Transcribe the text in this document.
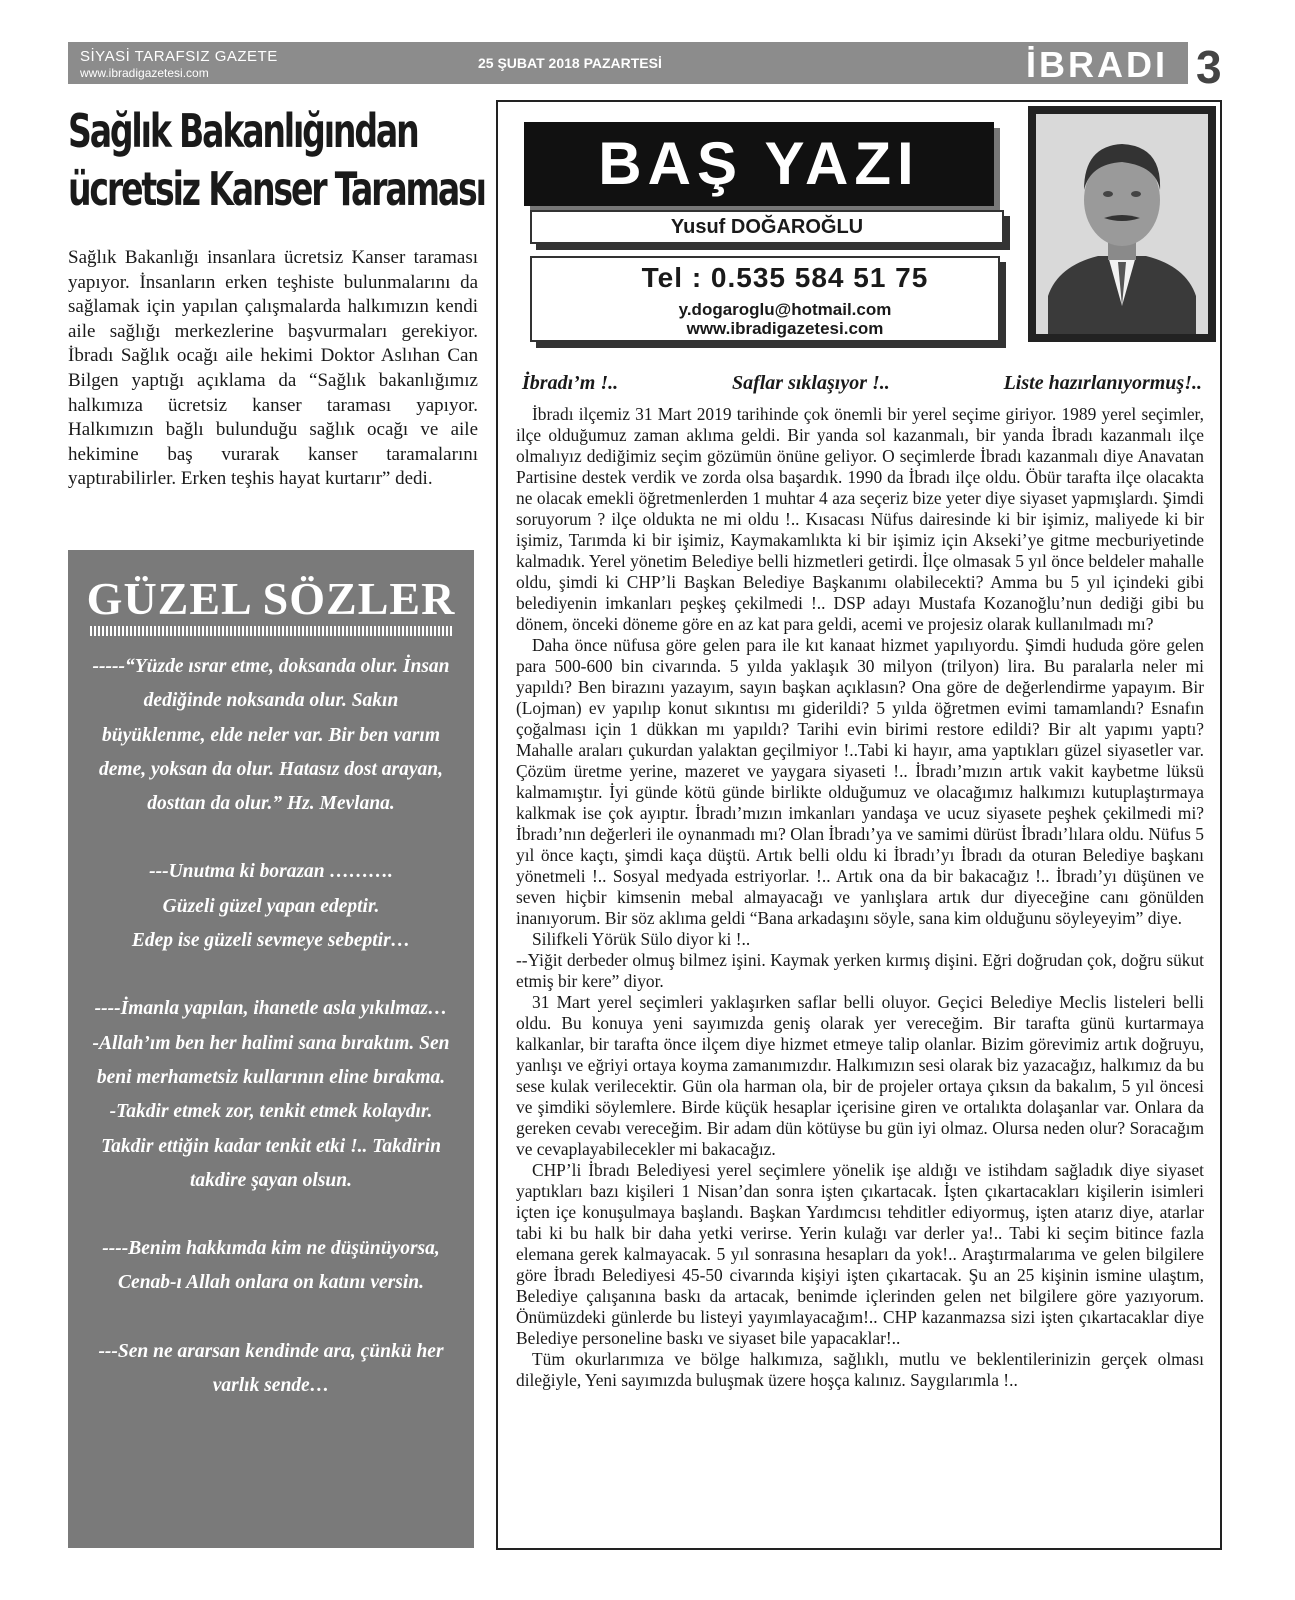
SİYASİ TARAFSIZ GAZETE
www.ibradigazetesi.com
25 ŞUBAT 2018 PAZARTESİ	İBRADI 3
Sağlık Bakanlığından
ücretsiz Kanser Taraması
Sağlık Bakanlığı insanlara ücretsiz Kanser taraması yapıyor. İnsanların erken teşhiste bulunmalarını da sağlamak için yapılan çalışmalarda halkımızın kendi aile sağlığı merkezlerine başvurmaları gerekiyor. İbradı Sağlık ocağı aile hekimi Doktor Aslıhan Can Bilgen yaptığı açıklama da “Sağlık bakanlığımız halkımıza ücretsiz kanser taraması yapıyor. Halkımızın bağlı bulunduğu sağlık ocağı ve aile hekimine baş vurarak kanser taramalarını yaptırabilirler. Erken teşhis hayat kurtarır” dedi.
GÜZEL SÖZLER

-----“Yüzde ısrar etme, doksanda olur. İnsan dediğinde noksanda olur. Sakın büyüklenme, elde neler var. Bir ben varım deme, yoksan da olur. Hatasız dost arayan, dosttan da olur.” Hz. Mevlana.

---Unutma ki borazan ……….

Güzeli güzel yapan edeptir.

Edep ise güzeli sevmeye sebeptir…

----İmanla yapılan, ihanetle asla yıkılmaz…

-Allah’ım ben her halimi sana bıraktım. Sen beni merhametsiz kullarının eline bırakma.

-Takdir etmek zor, tenkit etmek kolaydır. Takdir ettiğin kadar tenkit etki !.. Takdirin takdire şayan olsun.

----Benim hakkımda kim ne düşünüyorsa, Cenab-ı Allah onlara on katını versin.

---Sen ne ararsan kendinde ara, çünkü her varlık sende…

BAŞ YAZI
Yusuf DOĞAROĞLU
Tel : 0.535 584 51 75
y.dogaroglu@hotmail.com
www.ibradigazetesi.com
İbradı’m !..	Saflar sıklaşıyor !..	Liste hazırlanıyormuş!..

İbradı ilçemiz 31 Mart 2019 tarihinde çok önemli bir yerel seçime giriyor. 1989 yerel seçimler, ilçe olduğumuz zaman aklıma geldi. Bir yanda sol kazanmalı, bir yanda İbradı kazanmalı ilçe olmalıyız dediğimiz seçim gözümün önüne geliyor. O seçimlerde İbradı kazanmalı diye Anavatan Partisine destek verdik ve zorda olsa başardık. 1990 da İbradı ilçe oldu. Öbür tarafta ilçe olacakta ne olacak emekli öğretmenlerden 1 muhtar 4 aza seçeriz bize yeter diye siyaset yapmışlardı. Şimdi soruyorum ? ilçe oldukta ne mi oldu !.. Kısacası Nüfus dairesinde ki bir işimiz, maliyede ki bir işimiz, Tarımda ki bir işimiz, Kaymakamlıkta ki bir işimiz için Akseki’ye gitme mecburiyetinde kalmadık. Yerel yönetim Belediye belli hizmetleri getirdi. İlçe olmasak 5 yıl önce beldeler mahalle oldu, şimdi ki CHP’li Başkan Belediye Başkanımı olabilecekti? Amma bu 5 yıl içindeki gibi belediyenin imkanları peşkeş çekilmedi !.. DSP adayı Mustafa Kozanoğlu’nun dediği gibi bu dönem, önceki döneme göre en az kat para geldi, acemi ve projesiz olarak kullanılmadı mı?

Daha önce nüfusa göre gelen para ile kıt kanaat hizmet yapılıyordu. Şimdi hududa göre gelen para 500-600 bin civarında. 5 yılda yaklaşık 30 milyon (trilyon) lira. Bu paralarla neler mi yapıldı? Ben birazını yazayım, sayın başkan açıklasın? Ona göre de değerlendirme yapayım. Bir (Lojman) ev yapılıp konut sıkıntısı mı giderildi? 5 yılda öğretmen evimi tamamlandı? Esnafın çoğalması için 1 dükkan mı yapıldı? Tarihi evin birimi restore edildi? Bir alt yapımı yaptı? Mahalle araları çukurdan yalaktan geçilmiyor !..Tabi ki hayır, ama yaptıkları güzel siyasetler var. Çözüm üretme yerine, mazeret ve yaygara siyaseti !.. İbradı’mızın artık vakit kaybetme lüksü kalmamıştır. İyi günde kötü günde birlikte olduğumuz ve olacağımız halkımızı kutuplaştırmaya kalkmak ise çok ayıptır. İbradı’mızın imkanları yandaşa ve ucuz siyasete peşhek çekilmedi mi? İbradı’nın değerleri ile oynanmadı mı? Olan İbradı’ya ve samimi dürüst İbradı’lılara oldu. Nüfus 5 yıl önce kaçtı, şimdi kaça düştü. Artık belli oldu ki İbradı’yı İbradı da oturan Belediye başkanı yönetmeli !.. Sosyal medyada estriyorlar. !.. Artık ona da bir bakacağız !.. İbradı’yı düşünen ve seven hiçbir kimsenin mebal almayacağı ve yanlışlara artık dur diyeceğine canı gönülden inanıyorum. Bir söz aklıma geldi “Bana arkadaşını söyle, sana kim olduğunu söyleyeyim” diye.

Silifkeli Yörük Sülo diyor ki !..

--Yiğit derbeder olmuş bilmez işini. Kaymak yerken kırmış dişini. Eğri doğrudan çok, doğru sükut etmiş bir kere” diyor.

31 Mart yerel seçimleri yaklaşırken saflar belli oluyor. Geçici Belediye Meclis listeleri belli oldu. Bu konuya yeni sayımızda geniş olarak yer vereceğim. Bir tarafta günü kurtarmaya kalkanlar, bir tarafta önce ilçem diye hizmet etmeye talip olanlar. Bizim görevimiz artık doğruyu, yanlışı ve eğriyi ortaya koyma zamanımızdır. Halkımızın sesi olarak biz yazacağız, halkımız da bu sese kulak verilecektir. Gün ola harman ola, bir de projeler ortaya çıksın da bakalım, 5 yıl öncesi ve şimdiki söylemlere. Birde küçük hesaplar içerisine giren ve ortalıkta dolaşanlar var. Onlara da gereken cevabı vereceğim. Bir adam dün kötüyse bu gün iyi olmaz. Olursa neden olur? Soracağım ve cevaplayabilecekler mi bakacağız.

CHP’li İbradı Belediyesi yerel seçimlere yönelik işe aldığı ve istihdam sağladık diye siyaset yaptıkları bazı kişileri 1 Nisan’dan sonra işten çıkartacak. İşten çıkartacakları kişilerin isimleri içten içe konuşulmaya başlandı. Başkan Yardımcısı tehditler ediyormuş, işten atarız diye, atarlar tabi ki bu halk bir daha yetki verirse. Yerin kulağı var derler ya!.. Tabi ki seçim bitince fazla elemana gerek kalmayacak. 5 yıl sonrasına hesapları da yok!.. Araştırmalarıma ve gelen bilgilere göre İbradı Belediyesi 45-50 civarında kişiyi işten çıkartacak. Şu an 25 kişinin ismine ulaştım, Belediye çalışanına baskı da artacak, benimde içlerinden gelen net bilgilere göre yazıyorum. Önümüzdeki günlerde bu listeyi yayımlayacağım!.. CHP kazanmazsa sizi işten çıkartacaklar diye Belediye personeline baskı ve siyaset bile yapacaklar!..

Tüm okurlarımıza ve bölge halkımıza, sağlıklı, mutlu ve beklentilerinizin gerçek olması dileğiyle, Yeni sayımızda buluşmak üzere hoşça kalınız. Saygılarımla !..
